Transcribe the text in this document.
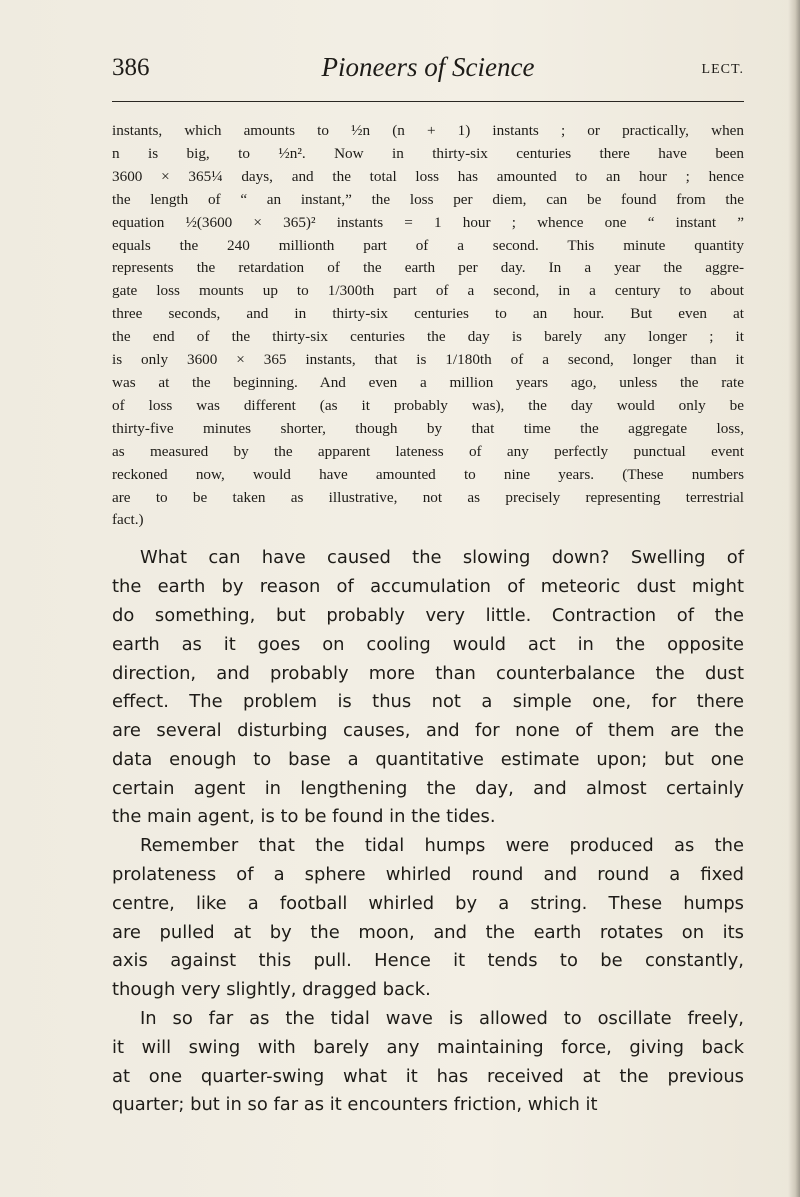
386	Pioneers of Science	LECT.

instants, which amounts to ½n (n + 1) instants ; or practically, when
n is big, to ½n². Now in thirty-six centuries there have been
3600 × 365¼ days, and the total loss has amounted to an hour ; hence
the length of “ an instant,” the loss per diem, can be found from the
equation ½(3600 × 365)² instants = 1 hour ; whence one “ instant ”
equals the 240 millionth part of a second. This minute quantity
represents the retardation of the earth per day. In a year the aggre-
gate loss mounts up to 1/300th part of a second, in a century to about
three seconds, and in thirty-six centuries to an hour. But even at
the end of the thirty-six centuries the day is barely any longer ; it
is only 3600 × 365 instants, that is 1/180th of a second, longer than it
was at the beginning. And even a million years ago, unless the rate
of loss was different (as it probably was), the day would only be
thirty-five minutes shorter, though by that time the aggregate loss,
as measured by the apparent lateness of any perfectly punctual event
reckoned now, would have amounted to nine years. (These numbers
are to be taken as illustrative, not as precisely representing terrestrial
fact.)

What can have caused the slowing down? Swelling of
the earth by reason of accumulation of meteoric dust might
do something, but probably very little. Contraction of the
earth as it goes on cooling would act in the opposite
direction, and probably more than counterbalance the dust
effect. The problem is thus not a simple one, for there
are several disturbing causes, and for none of them are the
data enough to base a quantitative estimate upon; but one
certain agent in lengthening the day, and almost certainly
the main agent, is to be found in the tides.

Remember that the tidal humps were produced as the
prolateness of a sphere whirled round and round a fixed
centre, like a football whirled by a string. These humps
are pulled at by the moon, and the earth rotates on its
axis against this pull. Hence it tends to be constantly,
though very slightly, dragged back.

In so far as the tidal wave is allowed to oscillate freely,
it will swing with barely any maintaining force, giving back
at one quarter-swing what it has received at the previous
quarter; but in so far as it encounters friction, which it
